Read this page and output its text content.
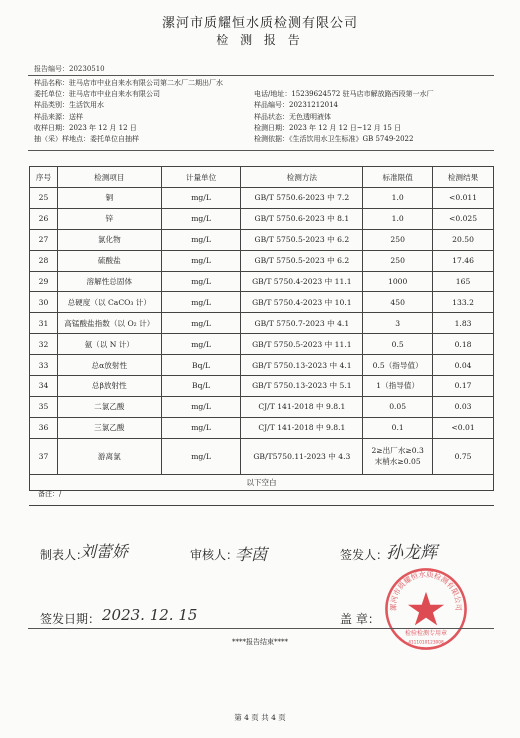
漯河市质耀恒水质检测有限公司
检 测 报 告
报告编号：20230510
样品名称：驻马店市中业自来水有限公司第二水厂二期出厂水
委托单位：驻马店市中业自来水有限公司	电话/地址：15239624572 驻马店市解放路西段第一水厂
样品类别：生活饮用水	样品编号：20231212014
样品来源：送样	样品状态：无色透明液体
收样日期：2023 年 12 月 12 日	检测日期：2023 年 12 月 12 日~12 月 15 日
抽（采）样地点：委托单位自抽样	检测依据：《生活饮用水卫生标准》GB 5749-2022
序号	检测项目	计量单位	检测方法	标准限值	检测结果
25	铜	mg/L	GB/T 5750.6-2023 中 7.2	1.0	<0.011
26	锌	mg/L	GB/T 5750.6-2023 中 8.1	1.0	<0.025
27	氯化物	mg/L	GB/T 5750.5-2023 中 6.2	250	20.50
28	硫酸盐	mg/L	GB/T 5750.5-2023 中 6.2	250	17.46
29	溶解性总固体	mg/L	GB/T 5750.4-2023 中 11.1	1000	165
30	总硬度（以 CaCO₃ 计）	mg/L	GB/T 5750.4-2023 中 10.1	450	133.2
31	高锰酸盐指数（以 O₂ 计）	mg/L	GB/T 5750.7-2023 中 4.1	3	1.83
32	氨（以 N 计）	mg/L	GB/T 5750.5-2023 中 11.1	0.5	0.18
33	总α放射性	Bq/L	GB/T 5750.13-2023 中 4.1	0.5（指导值）	0.04
34	总β放射性	Bq/L	GB/T 5750.13-2023 中 5.1	1（指导值）	0.17
35	二氯乙酸	mg/L	CJ/T 141-2018 中 9.8.1	0.05	0.03
36	三氯乙酸	mg/L	CJ/T 141-2018 中 9.8.1	0.1	<0.01
37	游离氯	mg/L	GB/T5750.11-2023 中 4.3	2≥出厂水≥0.3
末梢水≥0.05	0.75
以下空白					
备注：/
制表人：
刘蕾娇	审核人：
李茵	签发人：
孙龙辉
签发日期： 2023. 12. 15	盖 章：
漯河市质耀恒水质检测有限公司
检验检测专用章
4111010123008
****报告结束****
第 4 页 共 4 页
